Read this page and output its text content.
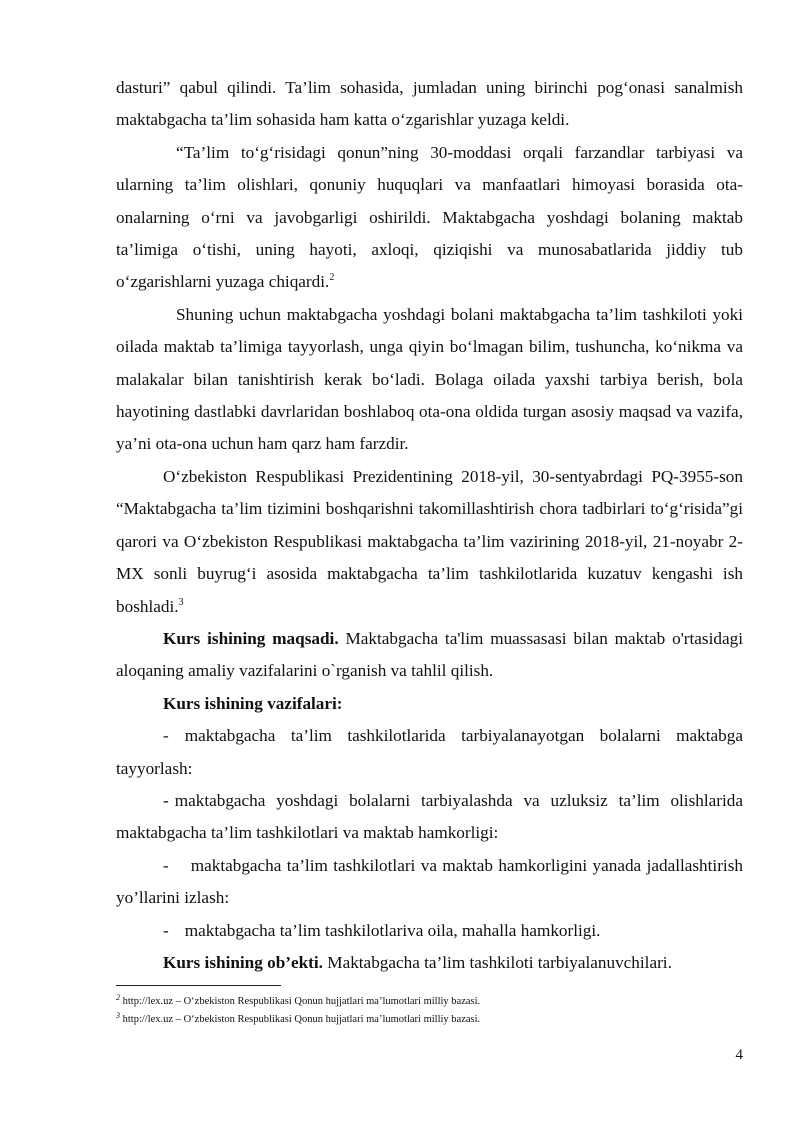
dasturi” qabul qilindi. Ta’lim sohasida, jumladan uning birinchi pog‘onasi sanalmish maktabgacha ta’lim sohasida ham katta o‘zgarishlar yuzaga keldi.

“Ta’lim to‘g‘risidagi qonun”ning 30-moddasi orqali farzandlar tarbiyasi va ularning ta’lim olishlari, qonuniy huquqlari va manfaatlari himoyasi borasida ota-onalarning o‘rni va javobgarligi oshirildi. Maktabgacha yoshdagi bolaning maktab ta’limiga o‘tishi, uning hayoti, axloqi, qiziqishi va munosabatlarida jiddiy tub o‘zgarishlarni yuzaga chiqardi.$^2$

Shuning uchun maktabgacha yoshdagi bolani maktabgacha ta’lim tashkiloti yoki oilada maktab ta’limiga tayyorlash, unga qiyin bo‘lmagan bilim, tushuncha, ko‘nikma va malakalar bilan tanishtirish kerak bo‘ladi. Bolaga oilada yaxshi tarbiya berish, bola hayotining dastlabki davrlaridan boshlaboq ota-ona oldida turgan asosiy maqsad va vazifa, ya’ni ota-ona uchun ham qarz ham farzdir.

O‘zbekiston Respublikasi Prezidentining 2018-yil, 30-sentyabrdagi PQ-3955-son “Maktabgacha ta’lim tizimini boshqarishni takomillashtirish chora tadbirlari to‘g‘risida”gi qarori va O‘zbekiston Respublikasi maktabgacha ta’lim vazirining 2018-yil, 21-noyabr 2-MX sonli buyrug‘i asosida maktabgacha ta’lim tashkilotlarida kuzatuv kengashi ish boshladi.$^3$

Kurs ishining maqsadi. Maktabgacha ta'lim muassasasi bilan maktab o'rtasidagi aloqaning amaliy vazifalarini o`rganish va tahlil qilish.

Kurs ishining vazifalari:

- maktabgacha ta’lim tashkilotlarida tarbiyalanayotgan bolalarni maktabga tayyorlash:

- maktabgacha yoshdagi bolalarni tarbiyalashda va uzluksiz ta’lim olishlarida maktabgacha ta’lim tashkilotlari va maktab hamkorligi:

- maktabgacha ta’lim tashkilotlari va maktab hamkorligini yanada jadallashtirish yo’llarini izlash:

- maktabgacha ta’lim tashkilotlariva oila, mahalla hamkorligi.

Kurs ishining ob’ekti. Maktabgacha ta’lim tashkiloti tarbiyalanuvchilari.

$^2$ http://lex.uz – O‘zbekiston Respublikasi Qonun hujjatlari ma’lumotlari milliy bazasi.

$^3$ http://lex.uz – O‘zbekiston Respublikasi Qonun hujjatlari ma’lumotlari milliy bazasi.

4
